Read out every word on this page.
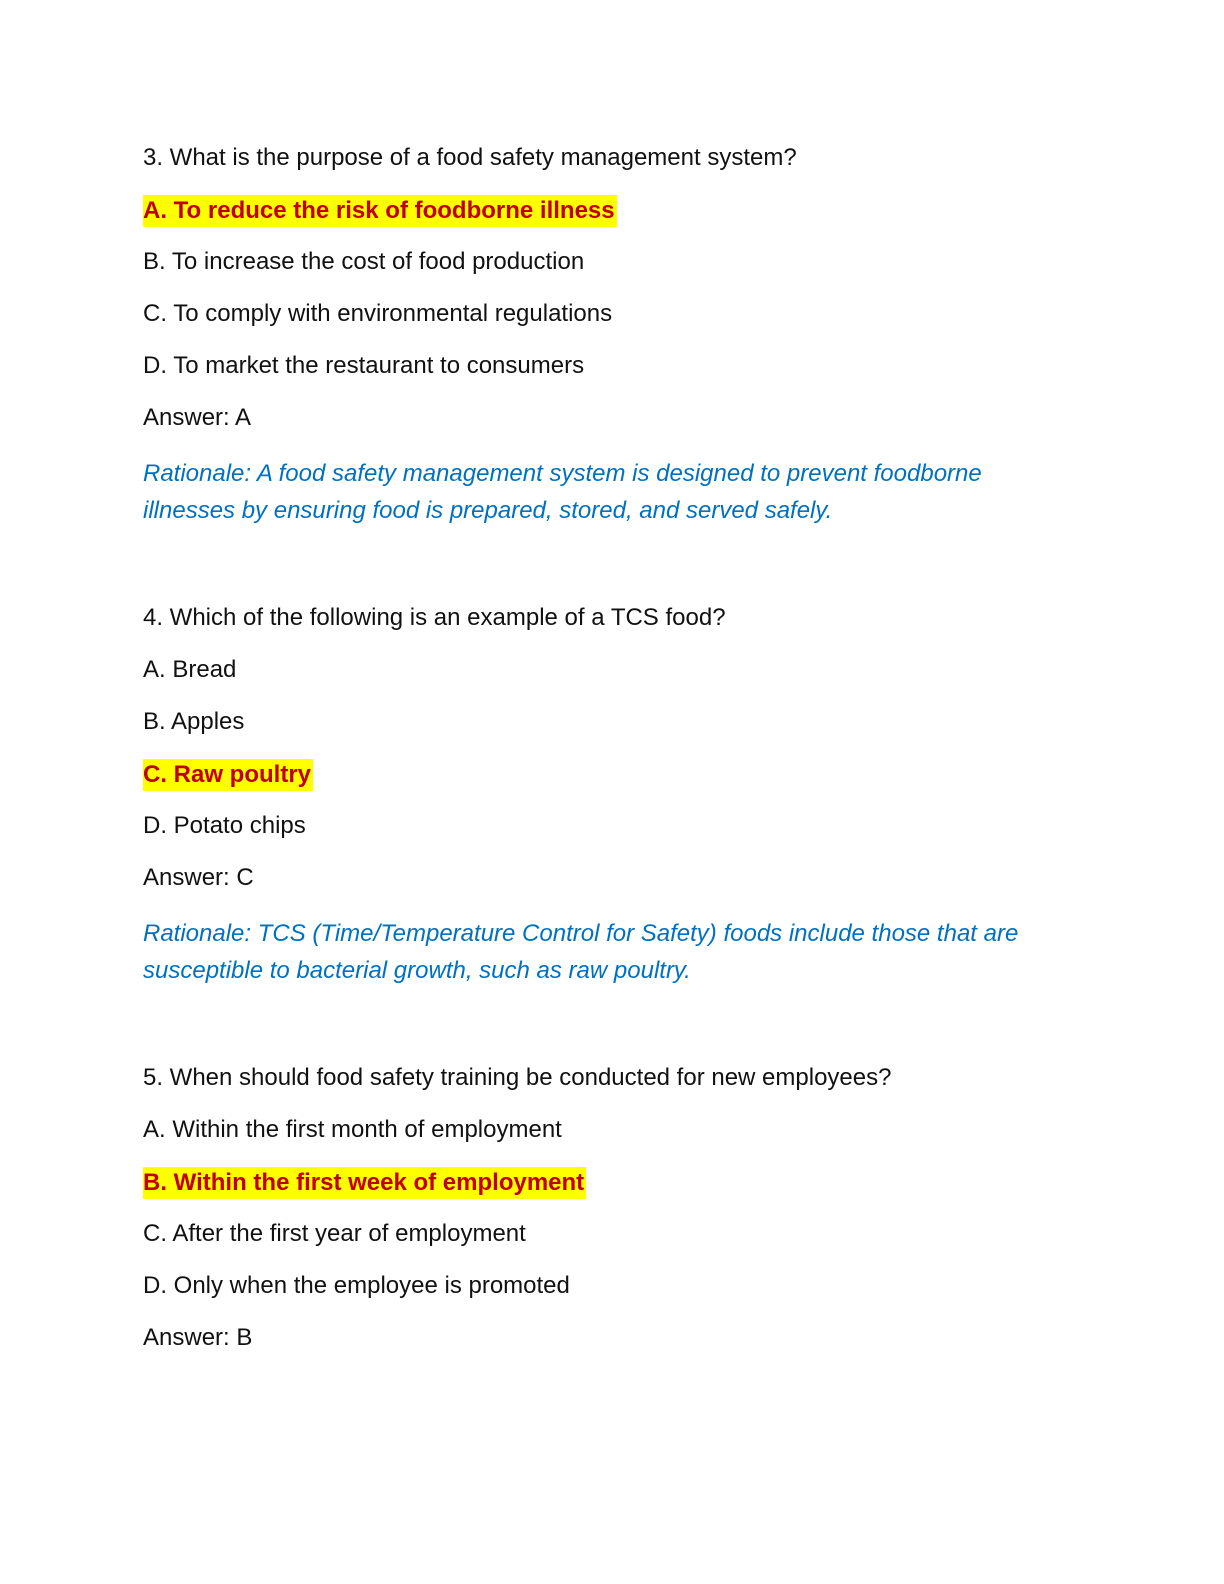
3. What is the purpose of a food safety management system?
A. To reduce the risk of foodborne illness
B. To increase the cost of food production
C. To comply with environmental regulations
D. To market the restaurant to consumers
Answer: A
Rationale: A food safety management system is designed to prevent foodborne
illnesses by ensuring food is prepared, stored, and served safely.
4. Which of the following is an example of a TCS food?
A. Bread
B. Apples
C. Raw poultry
D. Potato chips
Answer: C
Rationale: TCS (Time/Temperature Control for Safety) foods include those that are
susceptible to bacterial growth, such as raw poultry.
5. When should food safety training be conducted for new employees?
A. Within the first month of employment
B. Within the first week of employment
C. After the first year of employment
D. Only when the employee is promoted
Answer: B
